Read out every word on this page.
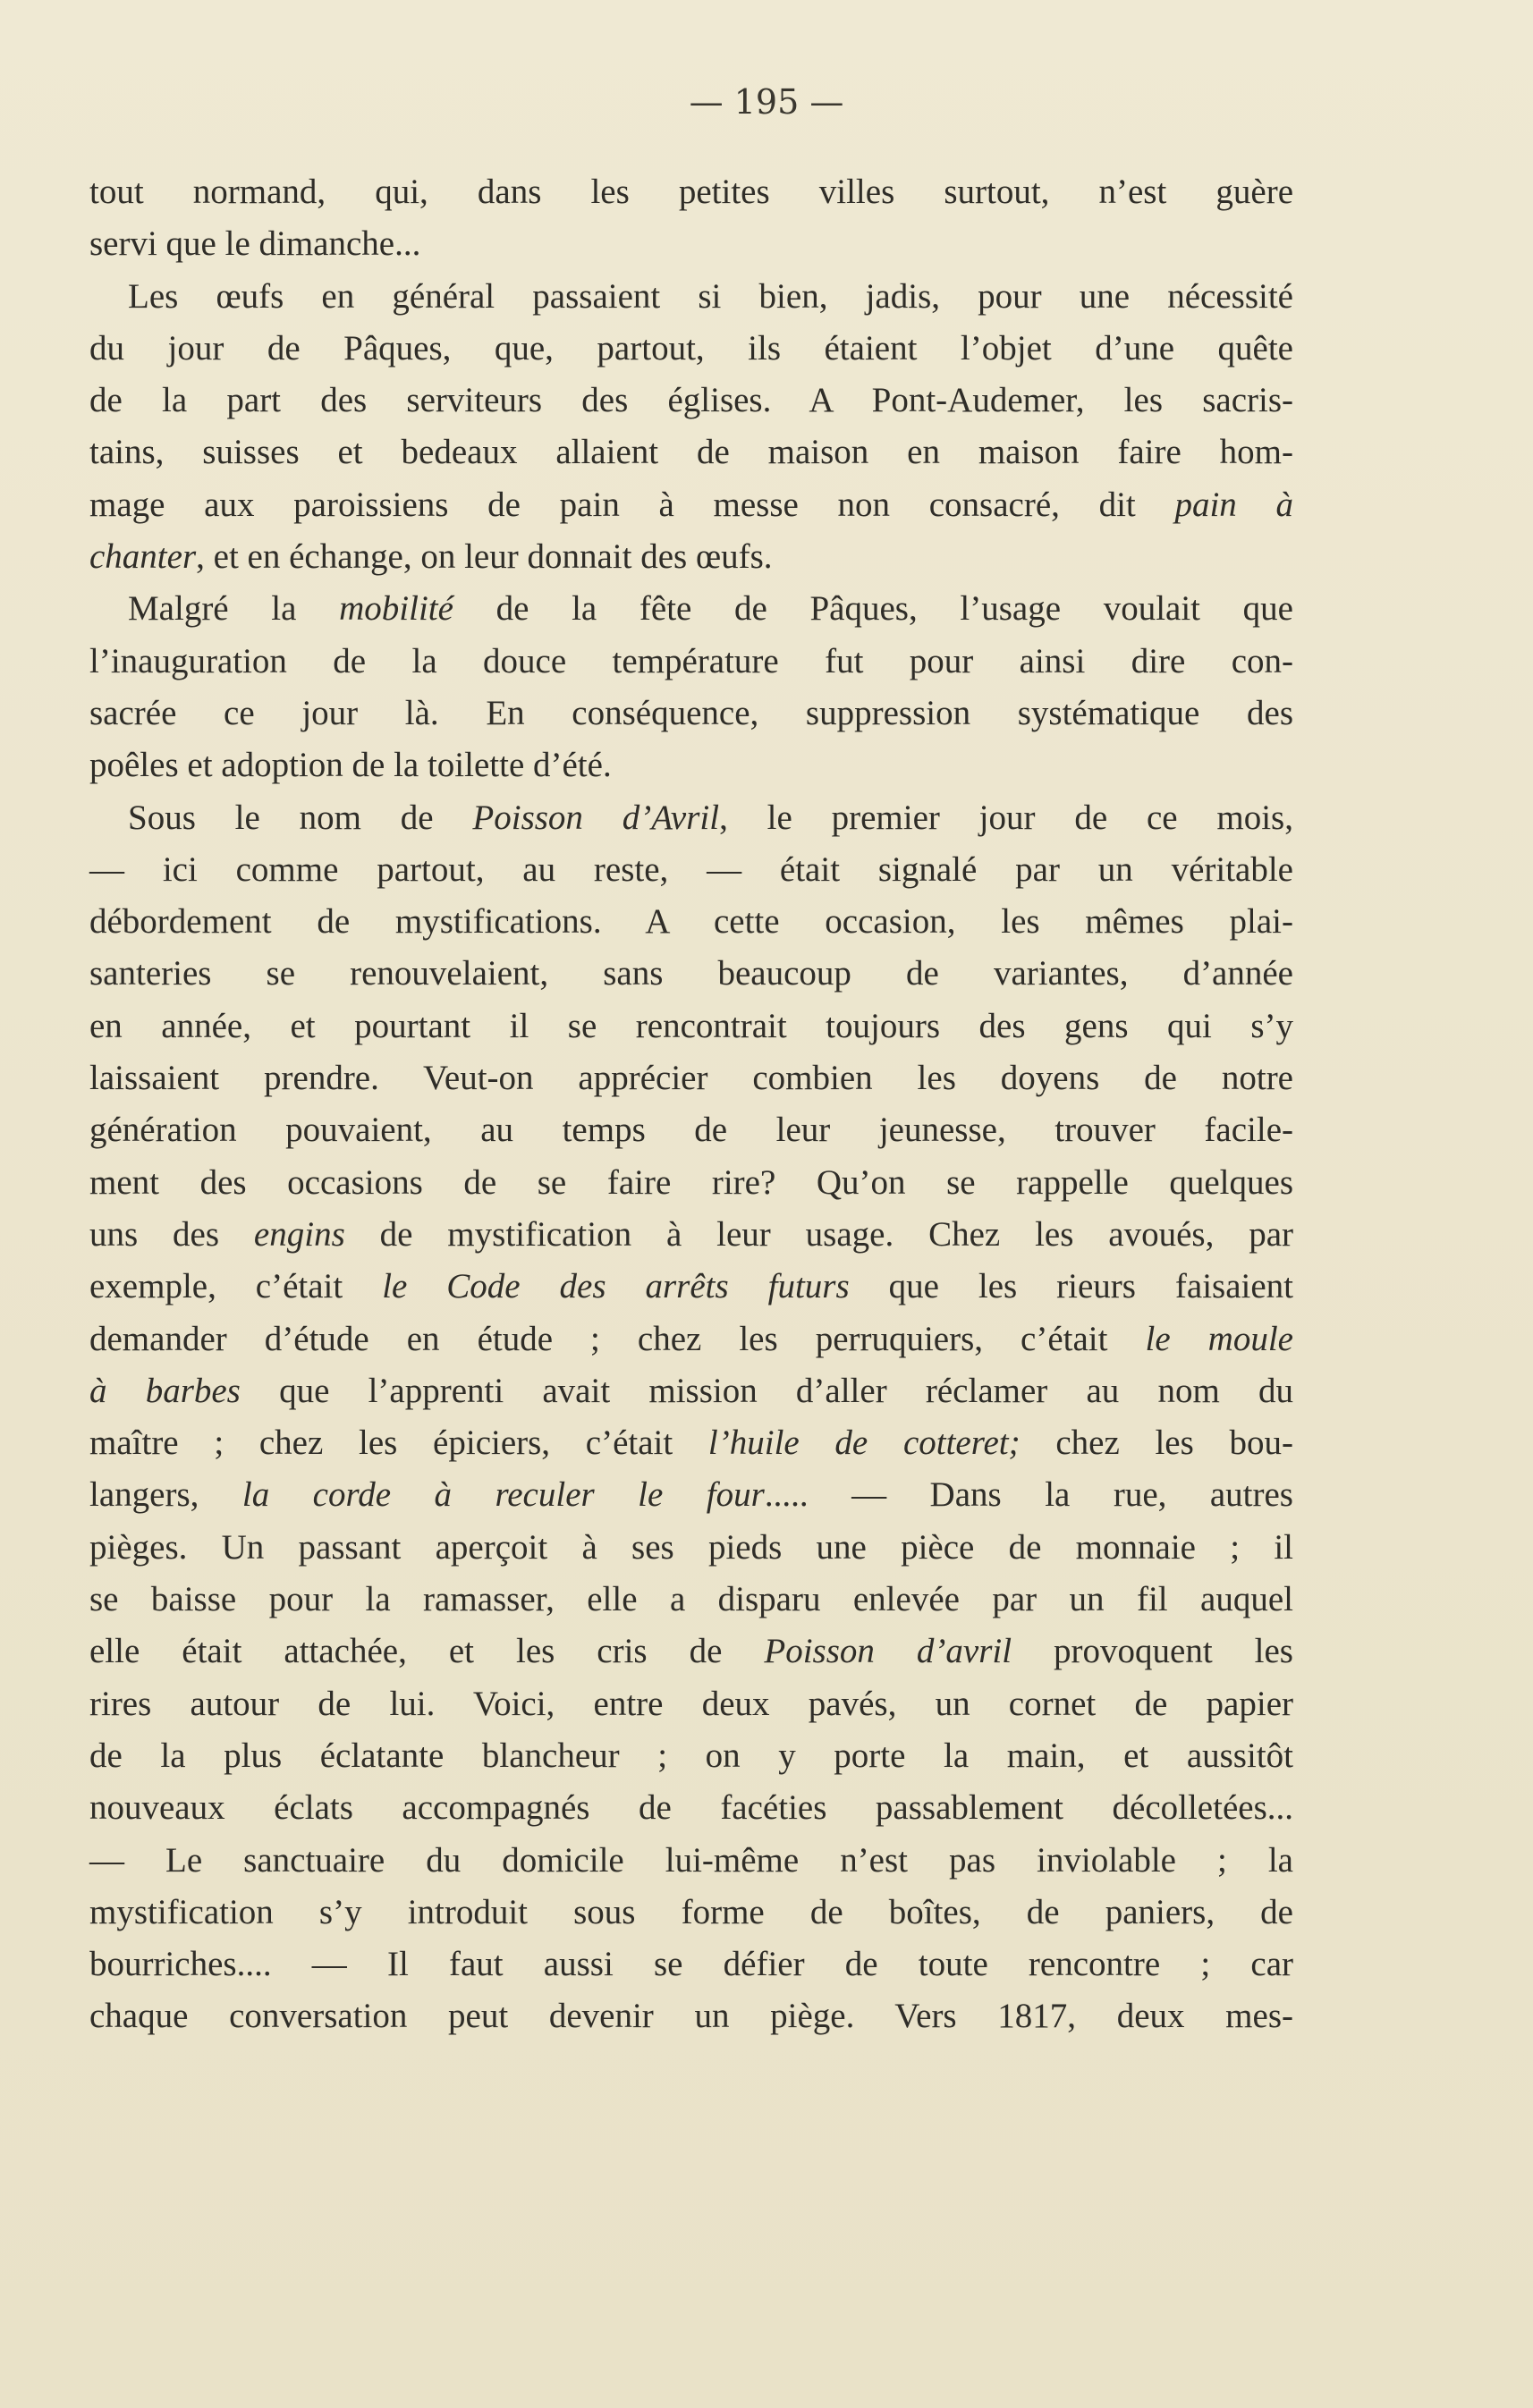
— 195 —
tout normand, qui, dans les petites villes surtout, n’est guère
servi que le dimanche...
Les œufs en général passaient si bien, jadis, pour une nécessité
du jour de Pâques, que, partout, ils étaient l’objet d’une quête
de la part des serviteurs des églises. A Pont-Audemer, les sacris-
tains, suisses et bedeaux allaient de maison en maison faire hom-
mage aux paroissiens de pain à messe non consacré, dit pain à
chanter, et en échange, on leur donnait des œufs.
Malgré la mobilité de la fête de Pâques, l’usage voulait que
l’inauguration de la douce température fut pour ainsi dire con-
sacrée ce jour là. En conséquence, suppression systématique des
poêles et adoption de la toilette d’été.
Sous le nom de Poisson d’Avril, le premier jour de ce mois,
— ici comme partout, au reste, — était signalé par un véritable
débordement de mystifications. A cette occasion, les mêmes plai-
santeries se renouvelaient, sans beaucoup de variantes, d’année
en année, et pourtant il se rencontrait toujours des gens qui s’y
laissaient prendre. Veut-on apprécier combien les doyens de notre
génération pouvaient, au temps de leur jeunesse, trouver facile-
ment des occasions de se faire rire? Qu’on se rappelle quelques
uns des engins de mystification à leur usage. Chez les avoués, par
exemple, c’était le Code des arrêts futurs que les rieurs faisaient
demander d’étude en étude ; chez les perruquiers, c’était le moule
à barbes que l’apprenti avait mission d’aller réclamer au nom du
maître ; chez les épiciers, c’était l’huile de cotteret; chez les bou-
langers, la corde à reculer le four..... — Dans la rue, autres
pièges. Un passant aperçoit à ses pieds une pièce de monnaie ; il
se baisse pour la ramasser, elle a disparu enlevée par un fil auquel
elle était attachée, et les cris de Poisson d’avril provoquent les
rires autour de lui. Voici, entre deux pavés, un cornet de papier
de la plus éclatante blancheur ; on y porte la main, et aussitôt
nouveaux éclats accompagnés de facéties passablement décolletées...
— Le sanctuaire du domicile lui-même n’est pas inviolable ; la
mystification s’y introduit sous forme de boîtes, de paniers, de
bourriches.... — Il faut aussi se défier de toute rencontre ; car
chaque conversation peut devenir un piège. Vers 1817, deux mes-
